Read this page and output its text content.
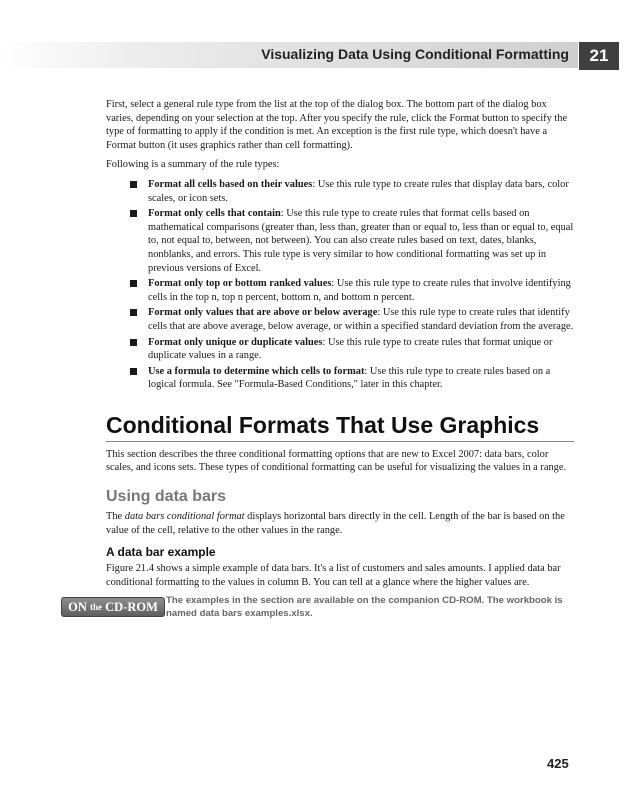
Visualizing Data Using Conditional Formatting	21

First, select a general rule type from the list at the top of the dialog box. The bottom part of the dialog box varies, depending on your selection at the top. After you specify the rule, click the Format button to specify the type of formatting to apply if the condition is met. An exception is the first rule type, which doesn't have a Format button (it uses graphics rather than cell formatting).

Following is a summary of the rule types:

Format all cells based on their values: Use this rule type to create rules that display data bars, color scales, or icon sets.
Format only cells that contain: Use this rule type to create rules that format cells based on mathematical comparisons (greater than, less than, greater than or equal to, less than or equal to, equal to, not equal to, between, not between). You can also create rules based on text, dates, blanks, nonblanks, and errors. This rule type is very similar to how conditional formatting was set up in previous versions of Excel.
Format only top or bottom ranked values: Use this rule type to create rules that involve identifying cells in the top n, top n percent, bottom n, and bottom n percent.
Format only values that are above or below average: Use this rule type to create rules that identify cells that are above average, below average, or within a specified standard deviation from the average.
Format only unique or duplicate values: Use this rule type to create rules that format unique or duplicate values in a range.
Use a formula to determine which cells to format: Use this rule type to create rules based on a logical formula. See "Formula-Based Conditions," later in this chapter.
Conditional Formats That Use Graphics

This section describes the three conditional formatting options that are new to Excel 2007: data bars, color scales, and icons sets. These types of conditional formatting can be useful for visualizing the values in a range.

Using data bars

The data bars conditional format displays horizontal bars directly in the cell. Length of the bar is based on the value of the cell, relative to the other values in the range.

A data bar example

Figure 21.4 shows a simple example of data bars. It's a list of customers and sales amounts. I applied data bar conditional formatting to the values in column B. You can tell at a glance where the higher values are.

ON $^{the}$ CD-ROM The examples in the section are available on the companion CD-ROM. The workbook is named data bars examples.xlsx.
425
